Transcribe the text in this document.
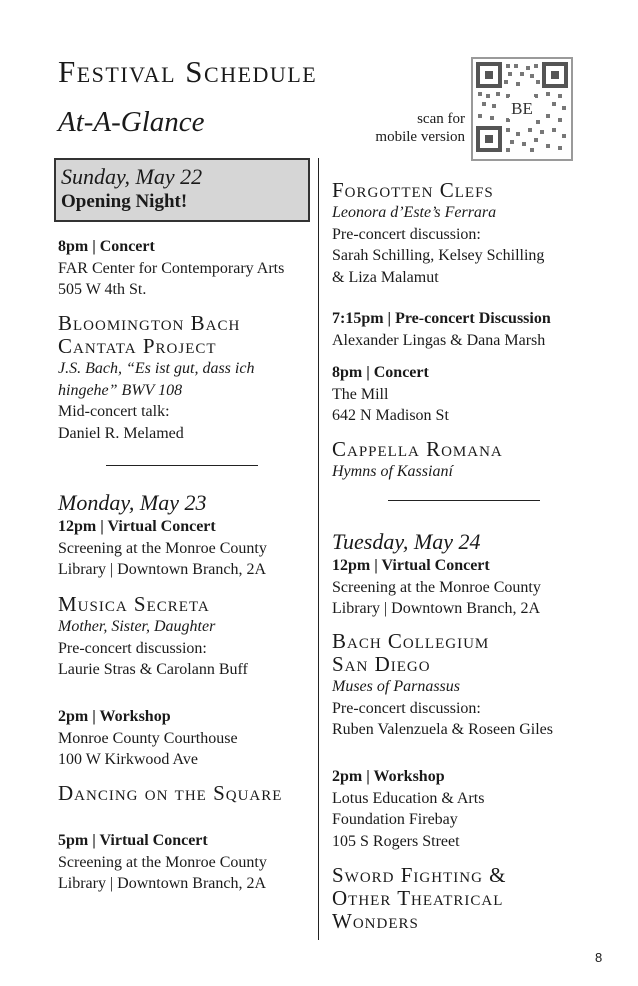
Festival Schedule
At-A-Glance	scan for
mobile version
BE
Sunday, May 22
Opening Night!
8pm | Concert
FAR Center for Contemporary Arts
505 W 4th St.
Bloomington Bach
Cantata Project
J.S. Bach, “Es ist gut, dass ich
hingehe” BWV 108
Mid-concert talk:
Daniel R. Melamed
Monday, May 23
12pm | Virtual Concert
Screening at the Monroe County
Library | Downtown Branch, 2A
Musica Secreta
Mother, Sister, Daughter
Pre-concert discussion:
Laurie Stras & Carolann Buff
2pm | Workshop
Monroe County Courthouse
100 W Kirkwood Ave
Dancing on the Square
5pm | Virtual Concert
Screening at the Monroe County
Library | Downtown Branch, 2A
Forgotten Clefs
Leonora d’Este’s Ferrara
Pre-concert discussion:
Sarah Schilling, Kelsey Schilling
& Liza Malamut
7:15pm | Pre-concert Discussion
Alexander Lingas & Dana Marsh
8pm | Concert
The Mill
642 N Madison St
Cappella Romana
Hymns of Kassianí
Tuesday, May 24
12pm | Virtual Concert
Screening at the Monroe County
Library | Downtown Branch, 2A
Bach Collegium
San Diego
Muses of Parnassus
Pre-concert discussion:
Ruben Valenzuela & Roseen Giles
2pm | Workshop
Lotus Education & Arts
Foundation Firebay
105 S Rogers Street
Sword Fighting &
Other Theatrical
Wonders
8
